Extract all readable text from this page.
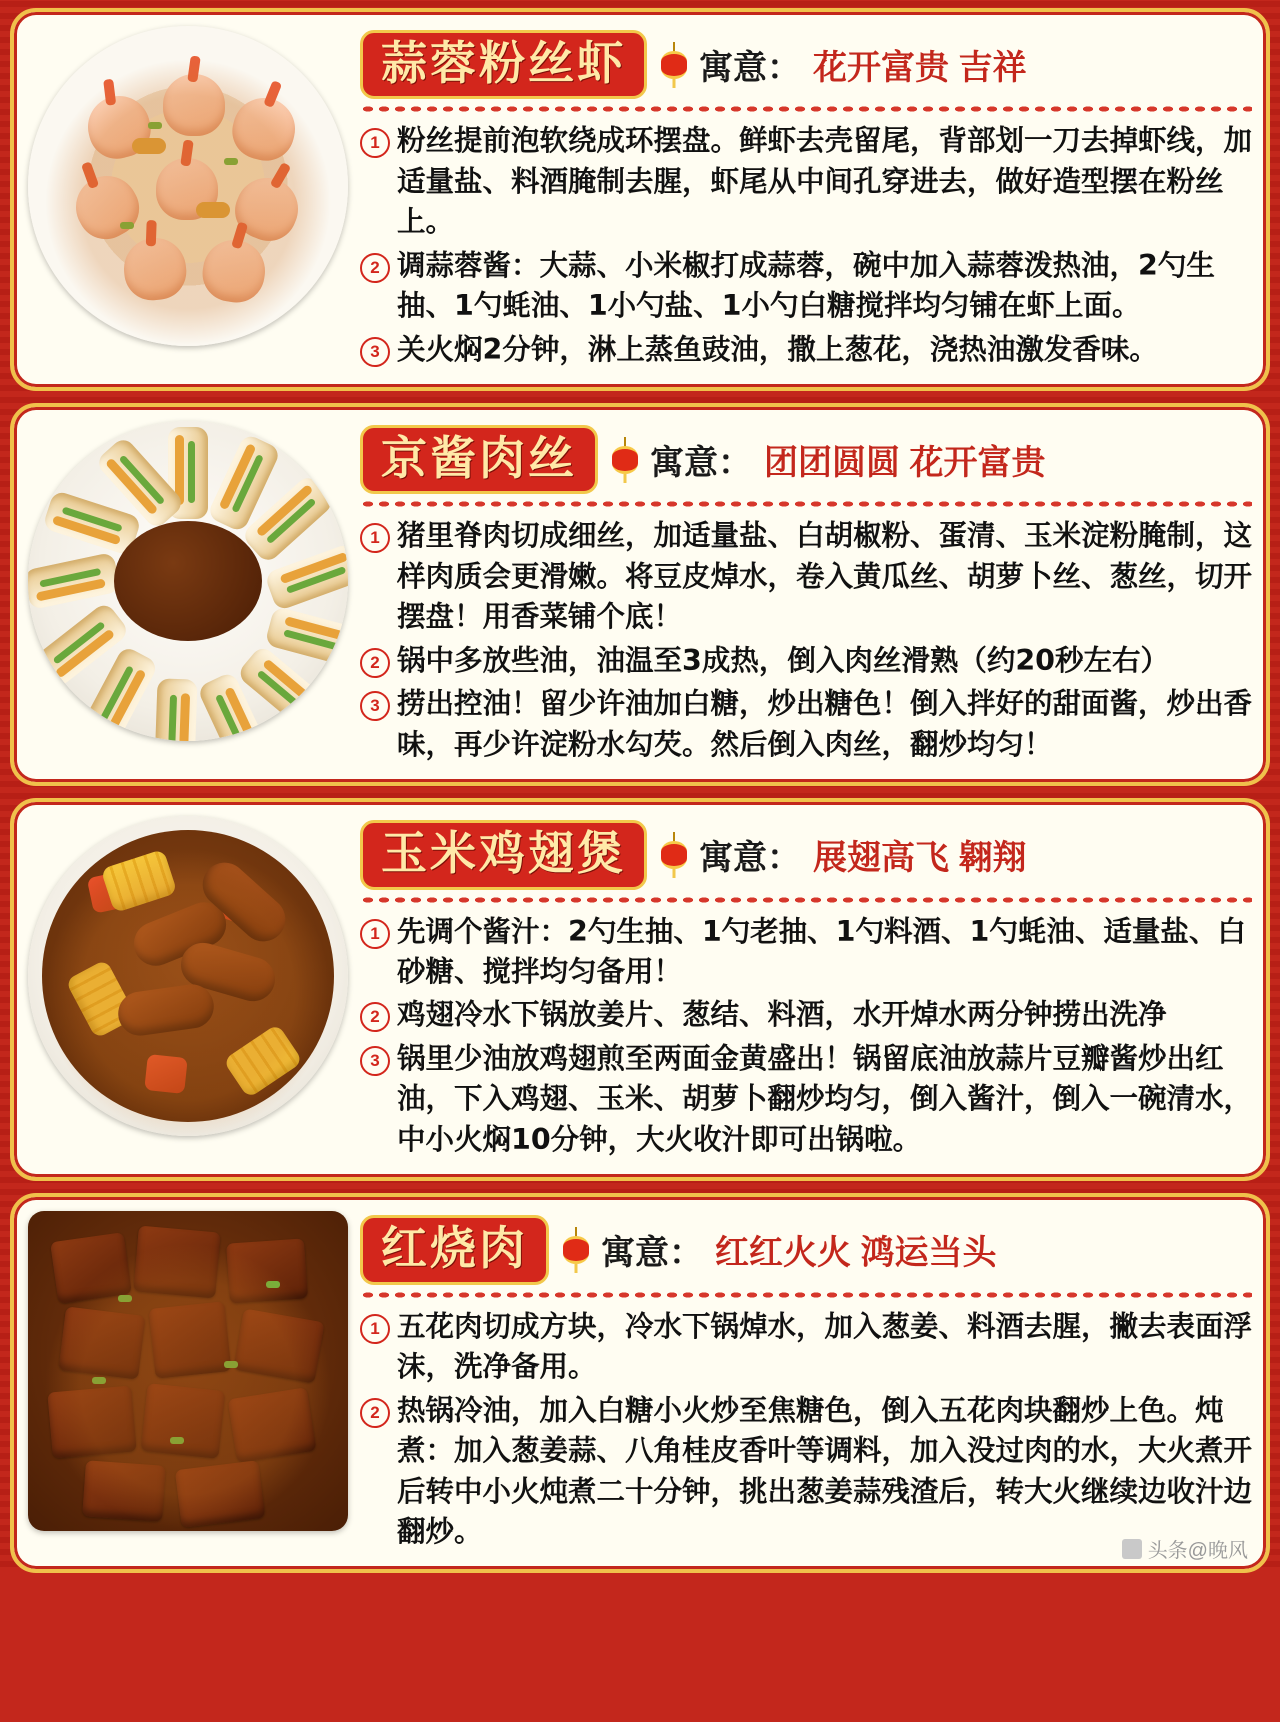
蒜蓉粉丝虾	寓意： 花开富贵 吉祥
1 粉丝提前泡软绕成环摆盘。鲜虾去壳留尾，背部划一刀去掉虾线，加适量盐、料酒腌制去腥，虾尾从中间孔穿进去，做好造型摆在粉丝上。
2 调蒜蓉酱：大蒜、小米椒打成蒜蓉，碗中加入蒜蓉泼热油，2勺生抽、1勺蚝油、1小勺盐、1小勺白糖搅拌均匀铺在虾上面。
3 关火焖2分钟，淋上蒸鱼豉油，撒上葱花，浇热油激发香味。
京酱肉丝	寓意： 团团圆圆 花开富贵
1 猪里脊肉切成细丝，加适量盐、白胡椒粉、蛋清、玉米淀粉腌制，这样肉质会更滑嫩。将豆皮焯水，卷入黄瓜丝、胡萝卜丝、葱丝，切开摆盘！用香菜铺个底！
2 锅中多放些油，油温至3成热，倒入肉丝滑熟（约20秒左右）
3 捞出控油！留少许油加白糖，炒出糖色！倒入拌好的甜面酱，炒出香味，再少许淀粉水勾芡。然后倒入肉丝，翻炒均匀！
玉米鸡翅煲	寓意： 展翅高飞 翱翔
1 先调个酱汁：2勺生抽、1勺老抽、1勺料酒、1勺蚝油、适量盐、白砂糖、搅拌均匀备用！
2 鸡翅冷水下锅放姜片、葱结、料酒，水开焯水两分钟捞出洗净
3 锅里少油放鸡翅煎至两面金黄盛出！锅留底油放蒜片豆瓣酱炒出红油，下入鸡翅、玉米、胡萝卜翻炒均匀，倒入酱汁，倒入一碗清水，中小火焖10分钟，大火收汁即可出锅啦。
红烧肉	寓意： 红红火火 鸿运当头
1 五花肉切成方块，冷水下锅焯水，加入葱姜、料酒去腥，撇去表面浮沫，洗净备用。
2 热锅冷油，加入白糖小火炒至焦糖色，倒入五花肉块翻炒上色。炖煮：加入葱姜蒜、八角桂皮香叶等调料，加入没过肉的水，大火煮开后转中小火炖煮二十分钟，挑出葱姜蒜残渣后，转大火继续边收汁边翻炒。
头条@晚风
